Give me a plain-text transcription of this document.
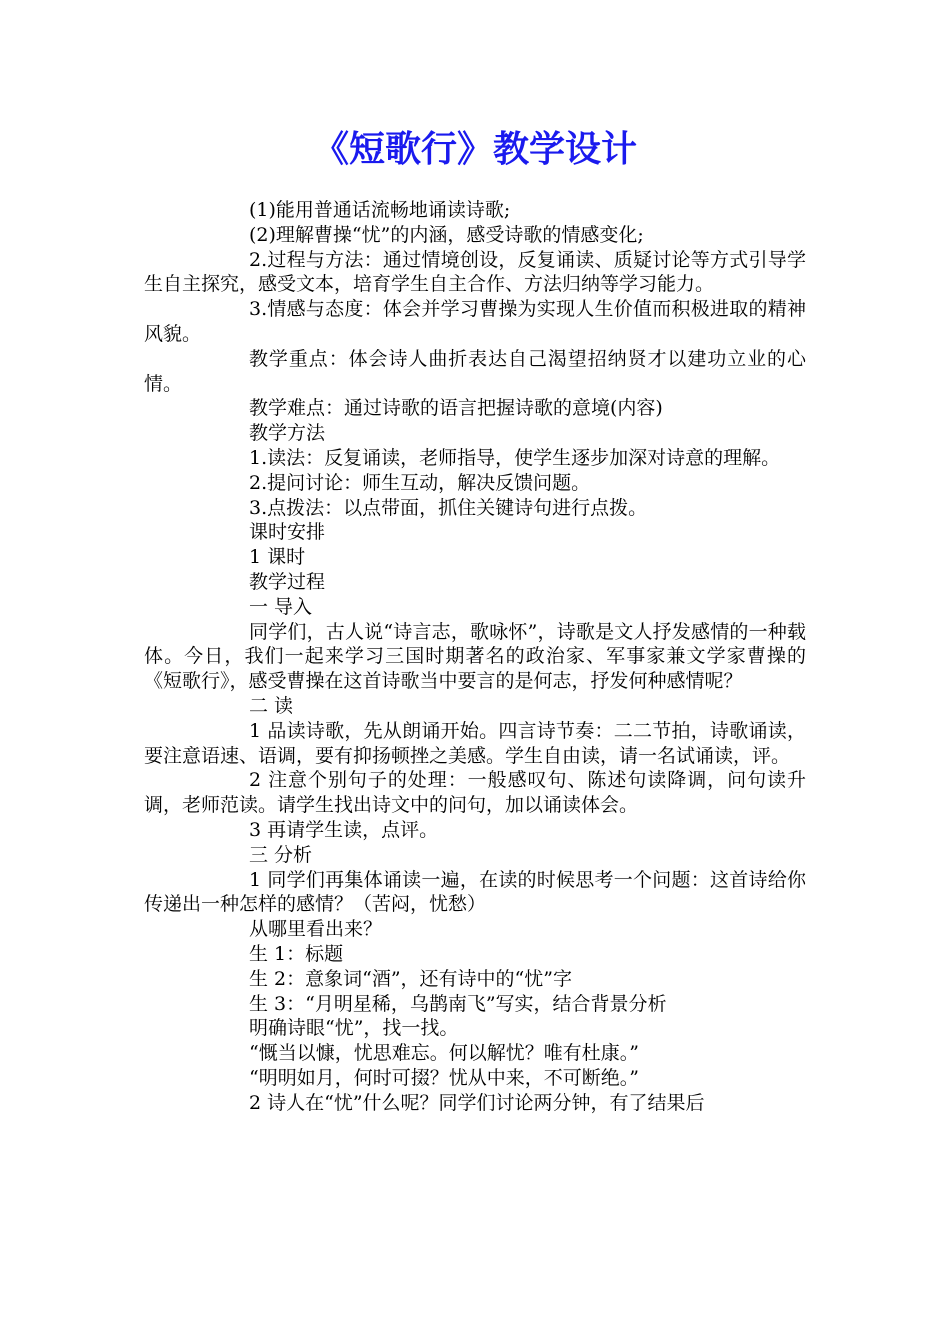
《短歌行》教学设计

(1)能用普通话流畅地诵读诗歌;

(2)理解曹操“忧”的内涵，感受诗歌的情感变化;

2.过程与方法：通过情境创设，反复诵读、质疑讨论等方式引导学生自主探究，感受文本，培育学生自主合作、方法归纳等学习能力。

3.情感与态度：体会并学习曹操为实现人生价值而积极进取的精神风貌。

教学重点：体会诗人曲折表达自己渴望招纳贤才以建功立业的心情。

教学难点：通过诗歌的语言把握诗歌的意境(内容)

教学方法

1.读法：反复诵读，老师指导，使学生逐步加深对诗意的理解。

2.提问讨论：师生互动，解决反馈问题。

3.点拨法：以点带面，抓住关键诗句进行点拨。

课时安排

1 课时

教学过程

一 导入

同学们，古人说“诗言志，歌咏怀”，诗歌是文人抒发感情的一种载体。今日，我们一起来学习三国时期著名的政治家、军事家兼文学家曹操的《短歌行》，感受曹操在这首诗歌当中要言的是何志，抒发何种感情呢？

二 读

1 品读诗歌，先从朗诵开始。四言诗节奏：二二节拍，诗歌诵读，要注意语速、语调，要有抑扬顿挫之美感。学生自由读，请一名试诵读，评。

2 注意个别句子的处理：一般感叹句、陈述句读降调，问句读升调，老师范读。请学生找出诗文中的问句，加以诵读体会。

3 再请学生读，点评。

三 分析

1 同学们再集体诵读一遍，在读的时候思考一个问题：这首诗给你传递出一种怎样的感情？（苦闷，忧愁）

从哪里看出来？

生 1：标题

生 2：意象词“酒”，还有诗中的“忧”字

生 3：“月明星稀，乌鹊南飞”写实，结合背景分析

明确诗眼“忧”，找一找。

“慨当以慷，忧思难忘。何以解忧？唯有杜康。”

“明明如月，何时可掇？忧从中来，不可断绝。”

2 诗人在“忧”什么呢？同学们讨论两分钟，有了结果后
